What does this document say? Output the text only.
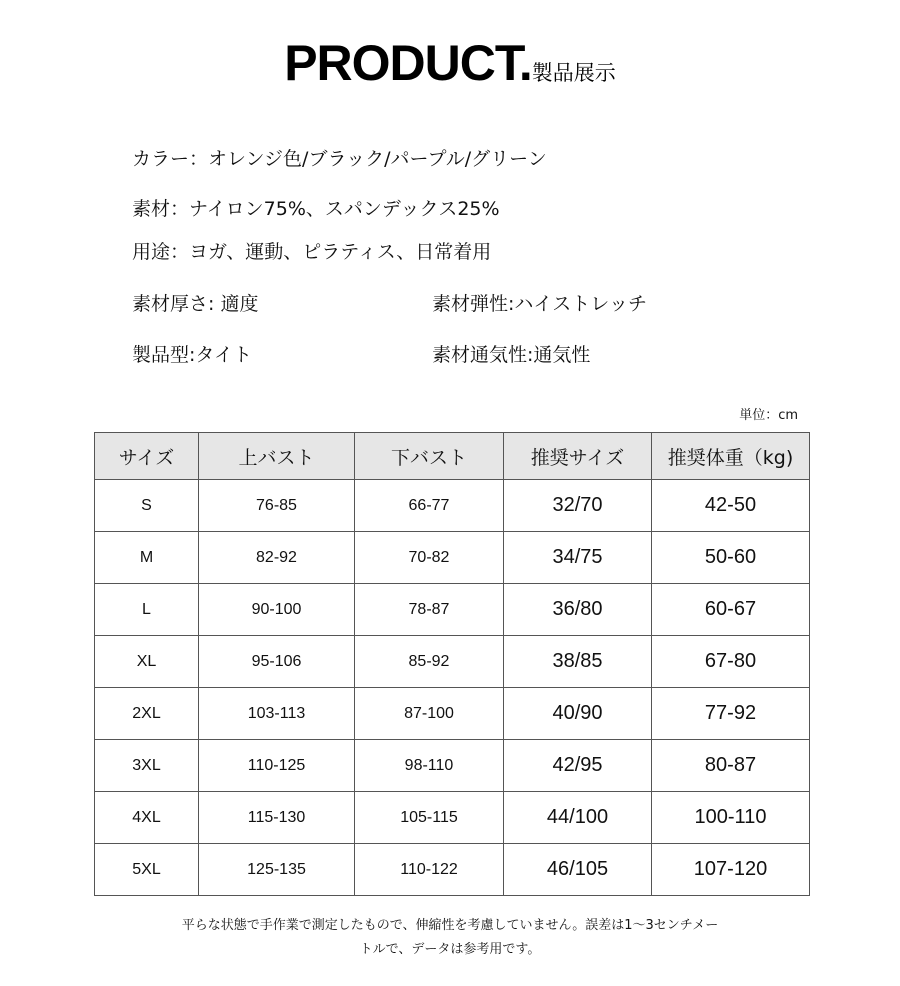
PRODUCT.製品展示
カラー：オレンジ色/ブラック/パープル/グリーン
素材：ナイロン75%、スパンデックス25%
用途：ヨガ、運動、ピラティス、日常着用
素材厚さ: 適度	素材弾性:ハイストレッチ
製品型:タイト	素材通気性:通気性
単位：cm
サイズ	上バスト	下バスト	推奨サイズ	推奨体重（kg)
S	76-85	66-77	32/70	42-50
M	82-92	70-82	34/75	50-60
L	90-100	78-87	36/80	60-67
XL	95-106	85-92	38/85	67-80
2XL	103-113	87-100	40/90	77-92
3XL	110-125	98-110	42/95	80-87
4XL	115-130	105-115	44/100	100-110
5XL	125-135	110-122	46/105	107-120
平らな状態で手作業で測定したもので、伸縮性を考慮していません。誤差は1～3センチメー
トルで、データは参考用です。
